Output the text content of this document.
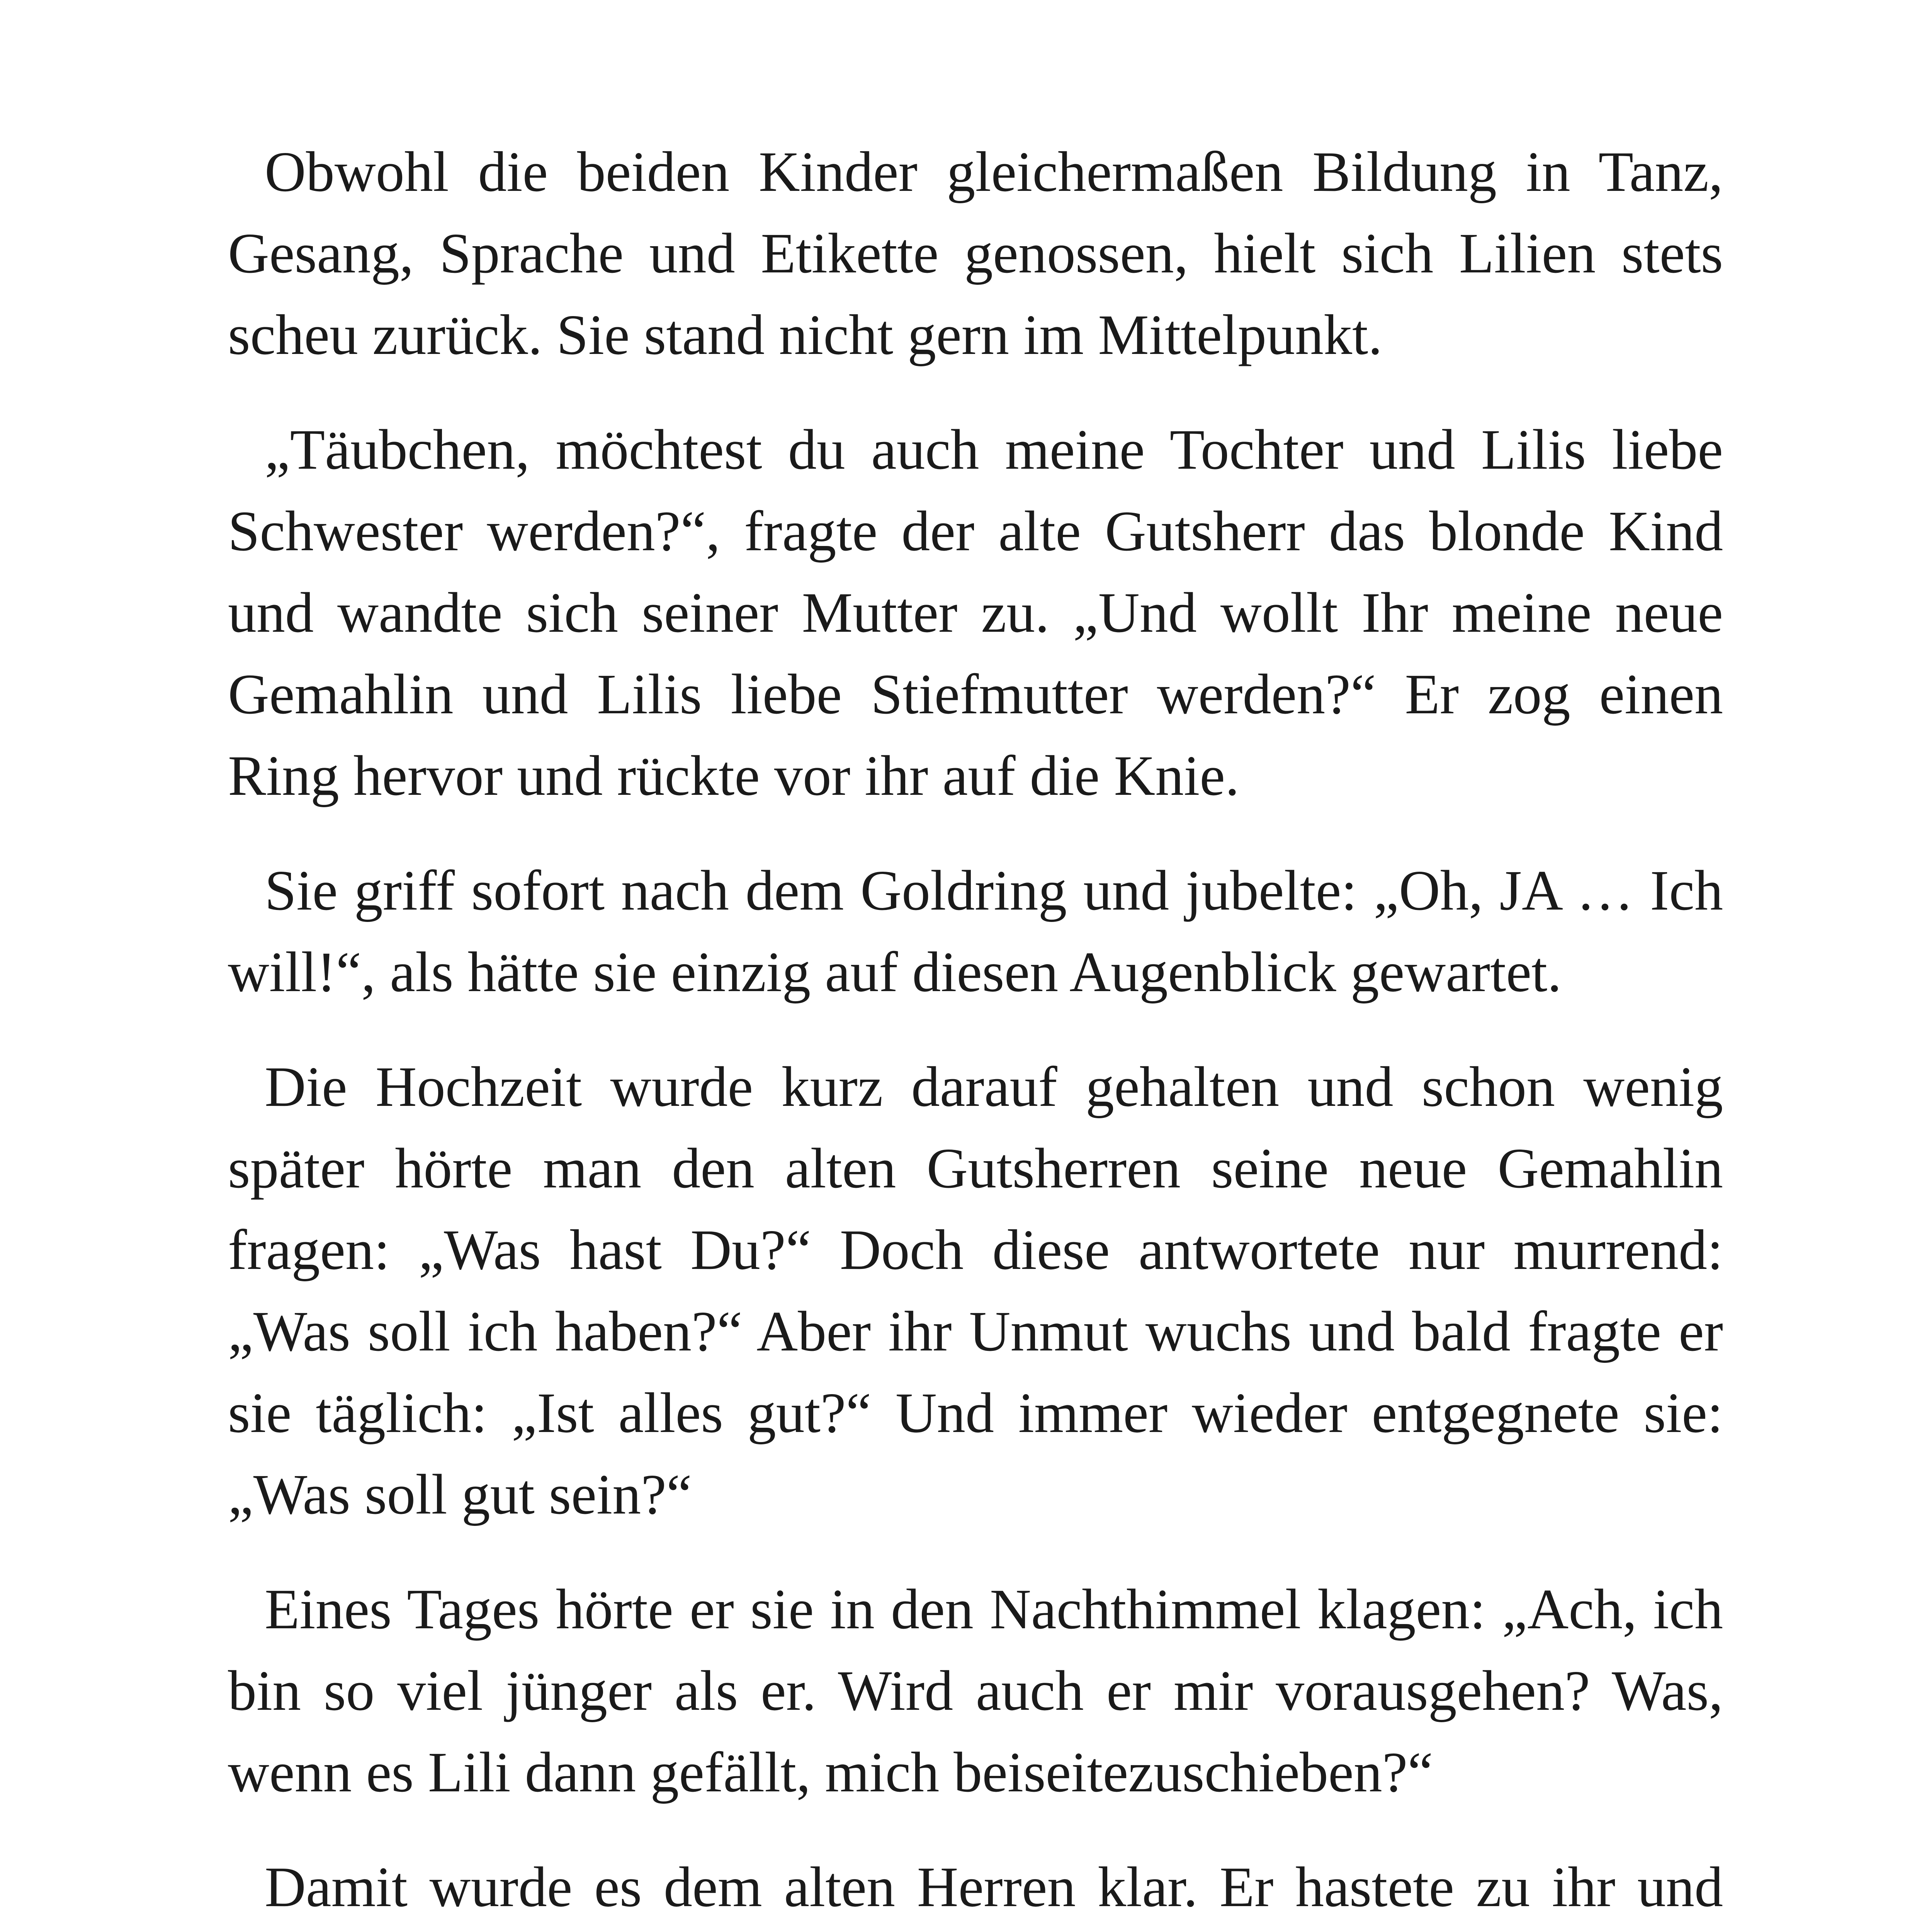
Obwohl die beiden Kinder gleichermaßen Bildung in Tanz, Gesang, Sprache und Etikette genossen, hielt sich Lilien stets scheu zurück. Sie stand nicht gern im Mittelpunkt.

„Täubchen, möchtest du auch meine Tochter und Lilis liebe Schwester werden?“, fragte der alte Gutsherr das blonde Kind und wandte sich seiner Mutter zu. „Und wollt Ihr meine neue Gemahlin und Lilis liebe Stiefmutter werden?“ Er zog einen Ring hervor und rückte vor ihr auf die Knie.

Sie griff sofort nach dem Goldring und jubelte: „Oh, JA … Ich will!“, als hätte sie einzig auf diesen Augenblick gewartet.

Die Hochzeit wurde kurz darauf gehalten und schon wenig später hörte man den alten Gutsherren seine neue Gemahlin fragen: „Was hast Du?“ Doch diese antwortete nur murrend: „Was soll ich haben?“ Aber ihr Unmut wuchs und bald fragte er sie täglich: „Ist alles gut?“ Und immer wieder entgegnete sie: „Was soll gut sein?“

Eines Tages hörte er sie in den Nachthimmel klagen: „Ach, ich bin so viel jünger als er. Wird auch er mir vorausgehen? Was, wenn es Lili dann gefällt, mich beiseitezuschieben?“

Damit wurde es dem alten Herren klar. Er hastete zu ihr und
